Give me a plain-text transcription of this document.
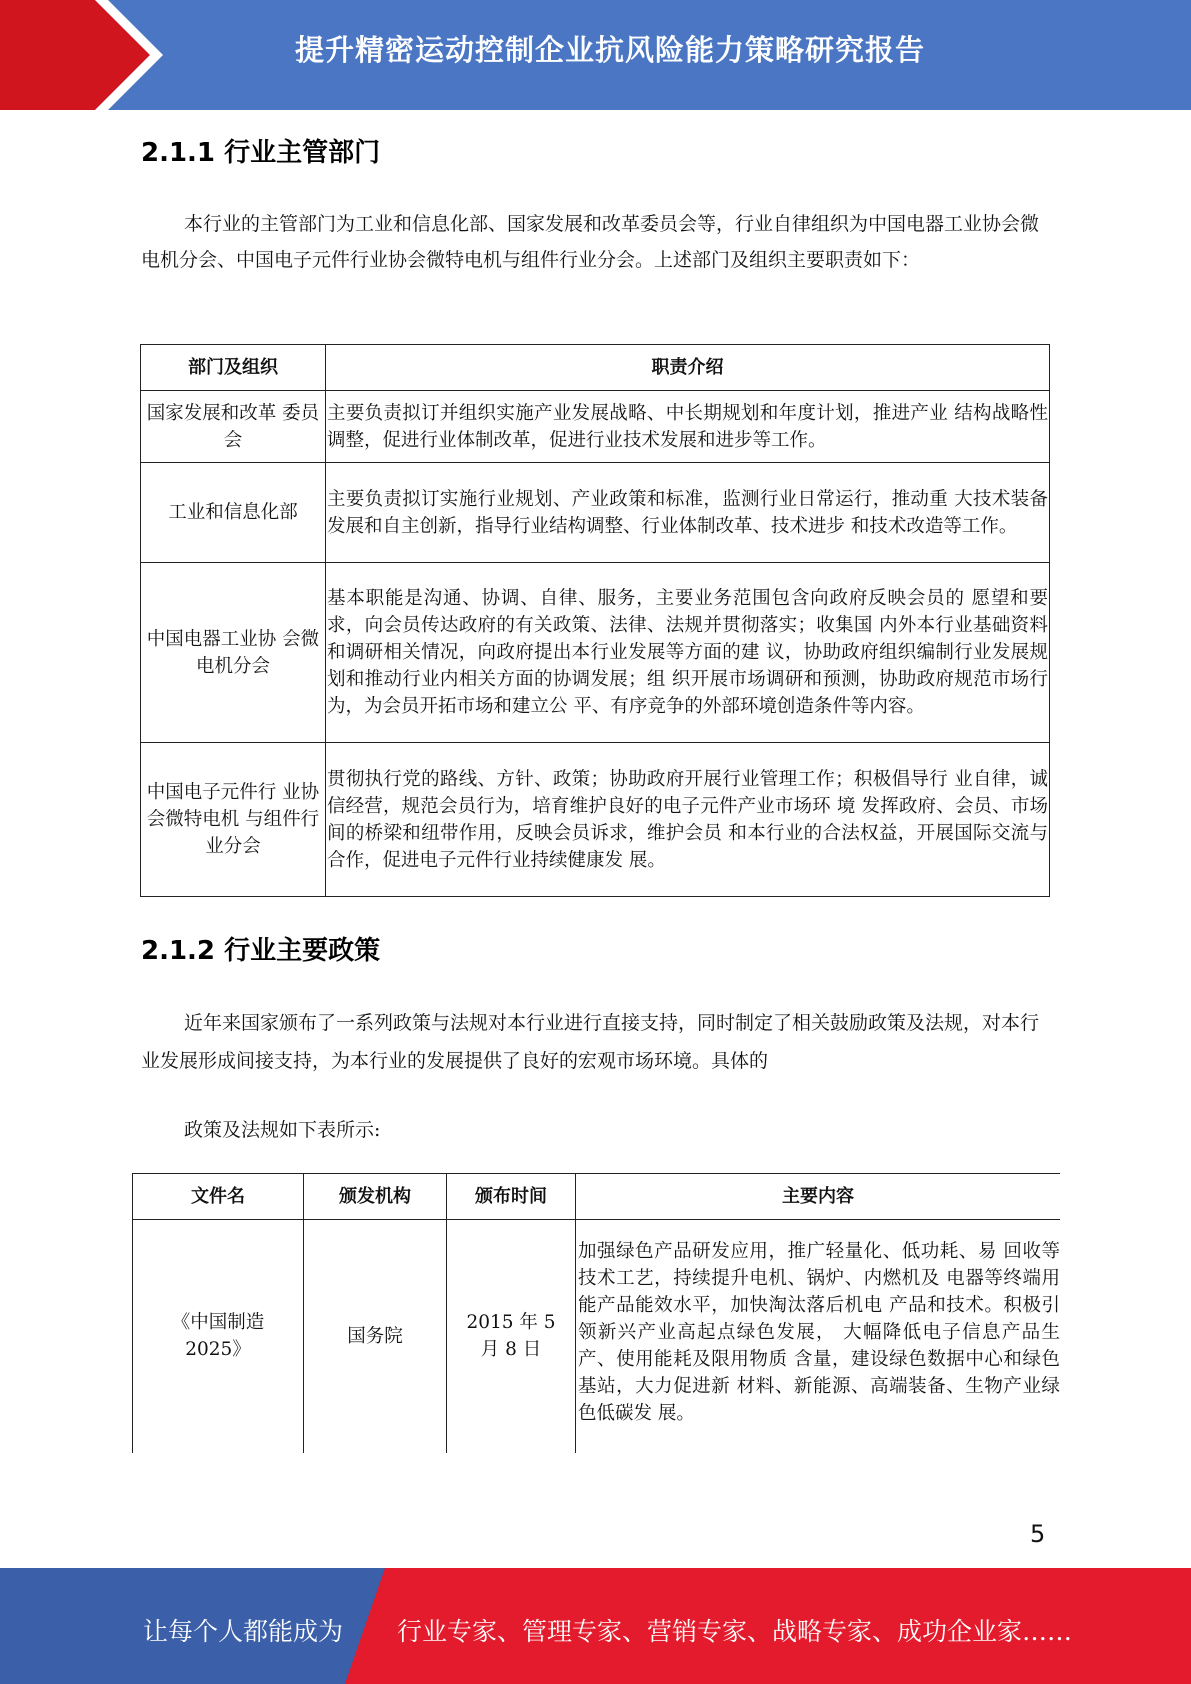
提升精密运动控制企业抗风险能力策略研究报告
2.1.1 行业主管部门

本行业的主管部门为工业和信息化部、国家发展和改革委员会等，行业自律组织为中国电器工业协会微电机分会、中国电子元件行业协会微特电机与组件行业分会。上述部门及组织主要职责如下：

部门及组织	职责介绍
国家发展和改革 委员会	主要负责拟订并组织实施产业发展战略、中长期规划和年度计划，推进产业 结构战略性调整，促进行业体制改革，促进行业技术发展和进步等工作。
工业和信息化部	主要负责拟订实施行业规划、产业政策和标准，监测行业日常运行，推动重 大技术装备发展和自主创新，指导行业结构调整、行业体制改革、技术进步 和技术改造等工作。
中国电器工业协 会微电机分会	基本职能是沟通、协调、自律、服务，主要业务范围包含向政府反映会员的 愿望和要求，向会员传达政府的有关政策、法律、法规并贯彻落实；收集国 内外本行业基础资料和调研相关情况，向政府提出本行业发展等方面的建 议，协助政府组织编制行业发展规划和推动行业内相关方面的协调发展；组 织开展市场调研和预测，协助政府规范市场行为，为会员开拓市场和建立公 平、有序竞争的外部环境创造条件等内容。
中国电子元件行 业协会微特电机 与组件行业分会	贯彻执行党的路线、方针、政策；协助政府开展行业管理工作；积极倡导行 业自律，诚信经营，规范会员行为，培育维护良好的电子元件产业市场环 境 发挥政府、会员、市场间的桥梁和纽带作用，反映会员诉求，维护会员 和本行业的合法权益，开展国际交流与合作，促进电子元件行业持续健康发 展。
2.1.2 行业主要政策

近年来国家颁布了一系列政策与法规对本行业进行直接支持，同时制定了相关鼓励政策及法规，对本行业发展形成间接支持，为本行业的发展提供了良好的宏观市场环境。具体的

政策及法规如下表所示:

文件名	颁发机构	颁布时间	主要内容
《中国制造 2025》	国务院	2015 年 5 月 8 日	加强绿色产品研发应用，推广轻量化、低功耗、易 回收等技术工艺，持续提升电机、锅炉、内燃机及 电器等终端用能产品能效水平，加快淘汰落后机电 产品和技术。积极引领新兴产业高起点绿色发展， 大幅降低电子信息产品生产、使用能耗及限用物质 含量，建设绿色数据中心和绿色基站，大力促进新 材料、新能源、高端装备、生物产业绿色低碳发 展。
5
让每个人都能成为 行业专家、管理专家、营销专家、战略专家、成功企业家……
